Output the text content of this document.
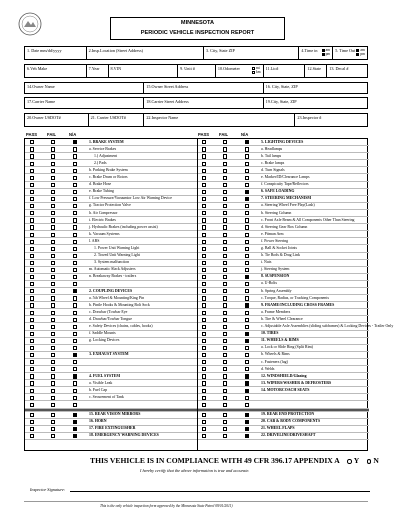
MINNESOTA
PERIODIC VEHICLE INSPECTION REPORT
1. Date mm/dd/yyyy	2.Insp.Location (Street Address)	3. City, State ZIP	4.Time in	am
pm
5. Time Out	am
pm
6.Veh Make	7.Year	8.VIN	9. Unit #	10.Odometer	mi
km
11.Lic#	12.State	13. Decal #
14.Owner Name	15.Owner Street Address	16. City, State, ZIP
17.Carrier Name	18.Carrier Street Address	19.City, State, ZIP
20.Owner USDOT#	21. Carrier USDOT#	22.Inspector Name	23.Inspector #
PASS FAIL	N/A	PASS FAIL	N/A
1. BRAKE SYSTEM
a. Service Brakes
1.) Adjustment
2.) Pads
b. Parking Brake System
c. Brake Drum or Rotors
d. Brake Hose
e. Brake Tubing
f. Low Pressure/Vacuumtor Low Air Warning Device
g. Tractor Protection Valve
h. Air Compressor
i. Electric Brakes
j. Hydraulic Brakes (including power assist)
k. Vacuum Systems
l. ABS
1. Power Unit Warning Light
2. Towed Unit Warning Light
3. System malfunction
m. Automatic Slack Adjusters
n. Breakaway Brakes - trailers
2. COUPLING DEVICES
a. 5th Wheel & Mounting/King Pin
b. Pintle Hooks & Mounting Bolt Sock
c. Drawbar (Towbar Eye
d. Drawbar/Towbar Tongue
e. Safety Devices (chains, cables, hooks)
f. Saddle Mounts
g. Locking Devices
3. EXHAUST SYSTEM
4. FUEL SYSTEM
a. Visible Leak
b. Fuel Cap
c. Securement of Tank
15. REAR VISION MIRRORS
16. HORN
17. FIRE EXTINGUISHER
18. EMERGENCY WARNING DEVICES
5. LIGHTING DEVICES
a. Headlamps
b. Tail lamps
c. Brake lamps
d. Turn Signals
e. Marker/ID/Clearance Lamps
f. Conspicuity Tape/Reflectors
6. SAFE LOADING
7. STEERING MECHANISM
a. Steering Wheel Free Play(Lash)
b. Steering Column
c. Front Axle Beam & All Components Other Than Steering
d. Steering Gear Box Column
e. Pitman Arm
f. Power Steering
g. Ball & Socket Joints
h. Tie Rods & Drag Link
i. Nuts
j. Steering System
8. SUSPENSION
a. U-Bolts
b. Spring Assembly
c. Torque, Radius, or Tracking Components
9. FRAME/INCLUDING CROSS FRAMES
a. Frame Members
b. Tire & Wheel Clearance
c. Adjustable Axle Assemblies (sliding subframes) & Locking Devices - Trailer Only
10. TIRES
11. WHEELS & RIMS
a. Lock or Slide Ring (Split Rim)
b. Wheels & Rims
c. Fasteners (lug)
d. Welds
12. WINDSHIELD/Glazing
13. WIPERS/WASHER & DEFROSTERS
14. MOTORCOACH SEATS
19. REAR END PROTECTION
20. CAB & BODY COMPONENTS
21. WHEEL FLAPS
22. DRIVELINE/DRIVESHAFT
THIS VEHICLE IS IN COMPLIANCE WITH 49 CFR 396.17 APPENDIX A Y N
I hereby certify that the above information is true and accurate.
Inspector Signature:
This is the only vehicle inspection form approved by the Minnesota State Patrol 09/01/2011)
